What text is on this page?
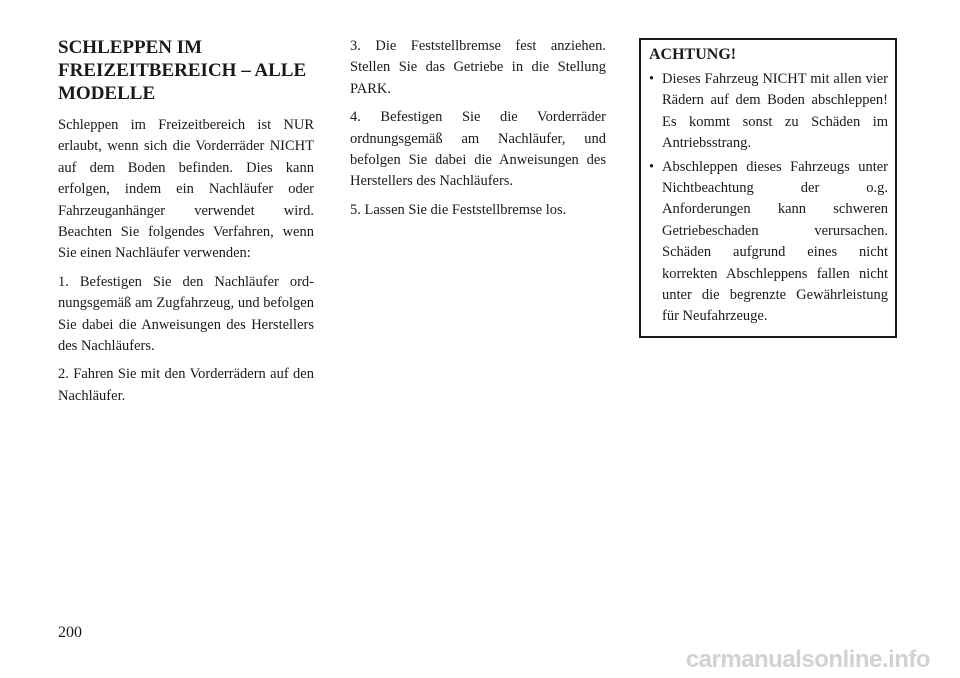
SCHLEPPEN IM
FREIZEITBEREICH – ALLE
MODELLE

Schleppen im Freizeitbereich ist NUR erlaubt, wenn sich die Vorderräder NICHT auf dem Boden befinden. Dies kann erfolgen, indem ein Nachläufer oder Fahrzeuganhänger verwendet wird. Beachten Sie folgendes Verfahren, wenn Sie einen Nachläufer verwenden:

1. Befestigen Sie den Nachläufer ordnungsgemäß am Zugfahrzeug, und befolgen Sie dabei die Anweisungen des Herstellers des Nachläufers.

2. Fahren Sie mit den Vorderrädern auf den Nachläufer.

3. Die Feststellbremse fest anziehen. Stellen Sie das Getriebe in die Stellung PARK.

4. Befestigen Sie die Vorderräder ordnungsgemäß am Nachläufer, und befolgen Sie dabei die Anweisungen des Herstellers des Nachläufers.

5. Lassen Sie die Feststellbremse los.

ACHTUNG!
• Dieses Fahrzeug NICHT mit allen vier Rädern auf dem Boden abschleppen! Es kommt sonst zu Schäden im Antriebsstrang.
• Abschleppen dieses Fahrzeugs unter Nichtbeachtung der o.g. Anforderungen kann schweren Getriebeschaden verursachen. Schäden aufgrund eines nicht korrekten Abschleppens fallen nicht unter die begrenzte Gewährleistung für Neufahrzeuge.
200
carmanualsonline.info
